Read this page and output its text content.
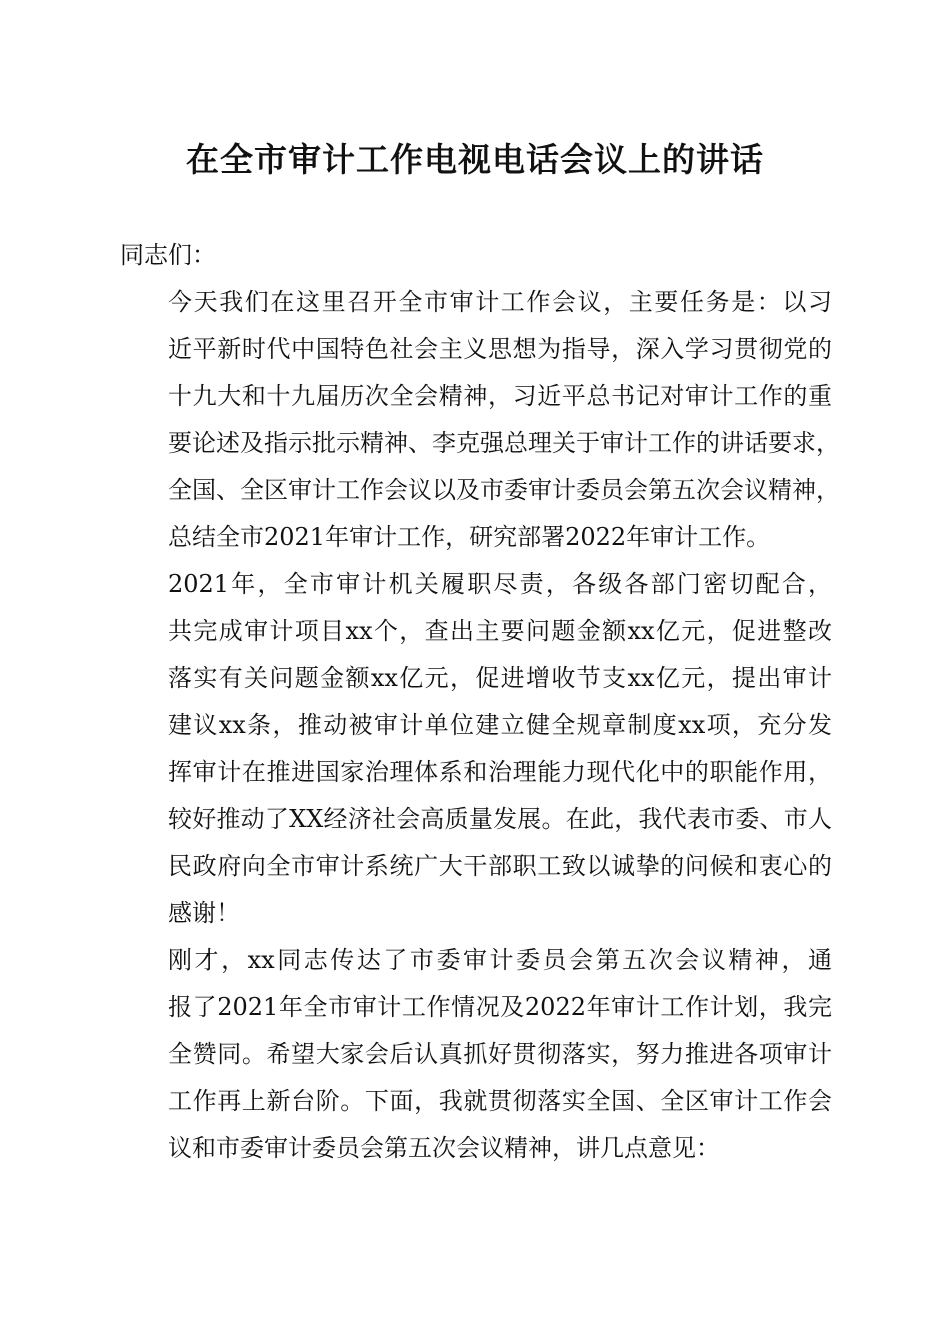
在全市审计工作电视电话会议上的讲话

同志们：

今天我们在这里召开全市审计工作会议，主要任务是：以习
近平新时代中国特色社会主义思想为指导，深入学习贯彻党的
十九大和十九届历次全会精神，习近平总书记对审计工作的重
要论述及指示批示精神、李克强总理关于审计工作的讲话要求，
全国、全区审计工作会议以及市委审计委员会第五次会议精神，
总结全市2021年审计工作，研究部署2022年审计工作。

2021年，全市审计机关履职尽责，各级各部门密切配合，
共完成审计项目xx个，查出主要问题金额xx亿元，促进整改
落实有关问题金额xx亿元，促进增收节支xx亿元，提出审计
建议xx条，推动被审计单位建立健全规章制度xx项，充分发
挥审计在推进国家治理体系和治理能力现代化中的职能作用，
较好推动了XX经济社会高质量发展。在此，我代表市委、市人
民政府向全市审计系统广大干部职工致以诚挚的问候和衷心的
感谢！

刚才，xx同志传达了市委审计委员会第五次会议精神，通
报了2021年全市审计工作情况及2022年审计工作计划，我完
全赞同。希望大家会后认真抓好贯彻落实，努力推进各项审计
工作再上新台阶。下面，我就贯彻落实全国、全区审计工作会
议和市委审计委员会第五次会议精神，讲几点意见：
